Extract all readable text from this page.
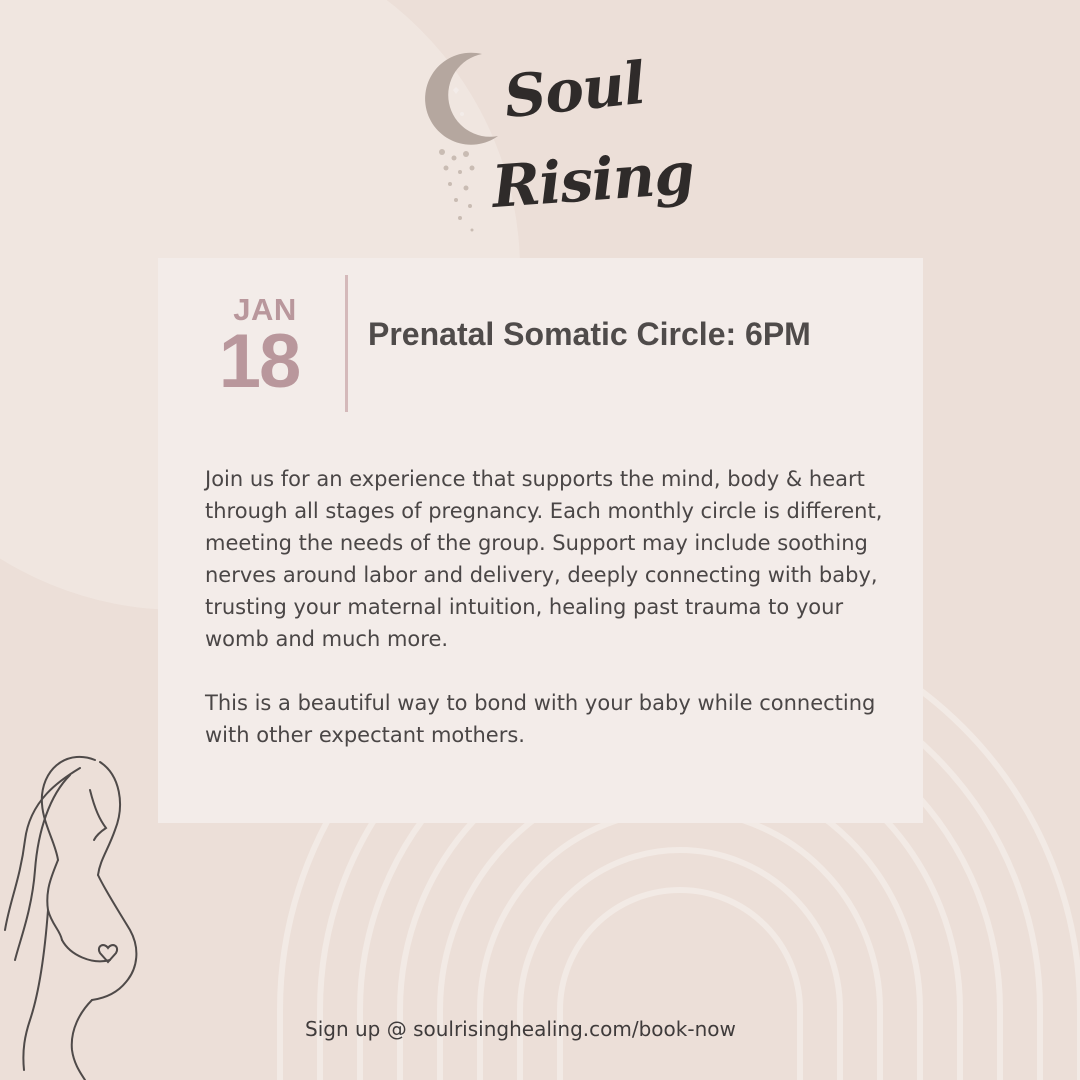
Soul
Rising
JAN
18	Prenatal Somatic Circle: 6PM

Join us for an experience that supports the mind, body & heart through all stages of pregnancy. Each monthly circle is different, meeting the needs of the group. Support may include soothing nerves around labor and delivery, deeply connecting with baby, trusting your maternal intuition, healing past trauma to your womb and much more.

This is a beautiful way to bond with your baby while connecting with other expectant mothers.

Sign up @ soulrisinghealing.com/book-now
